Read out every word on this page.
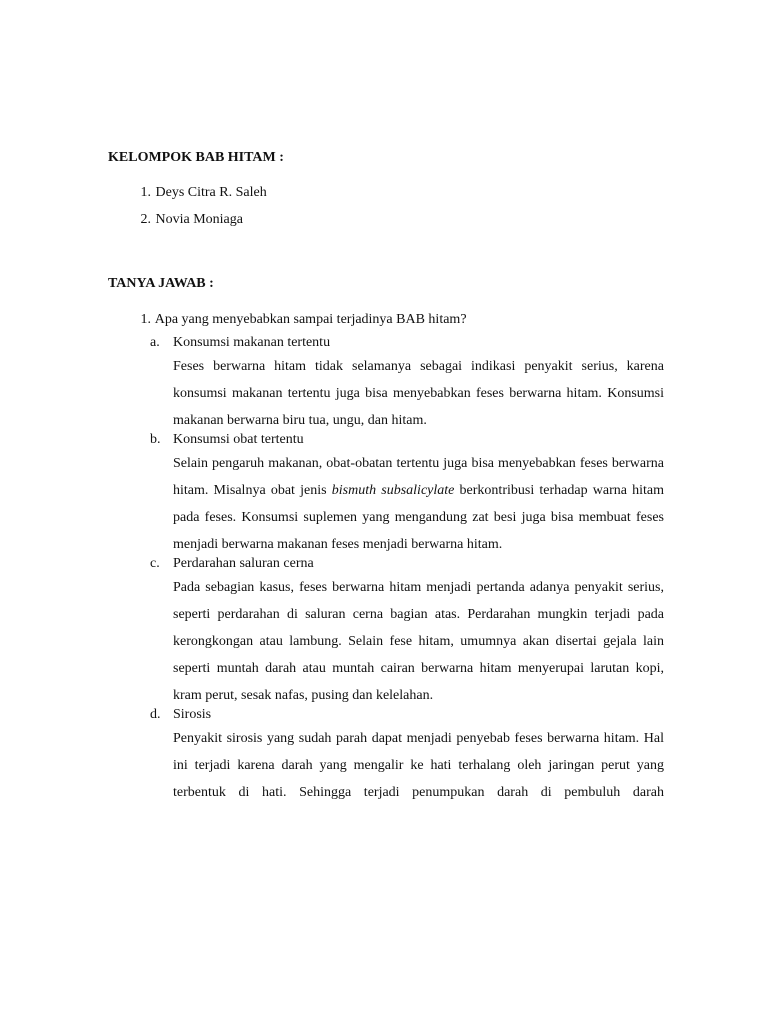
KELOMPOK BAB HITAM :
1. Deys Citra R. Saleh
2. Novia Moniaga
TANYA JAWAB :
1. Apa yang menyebabkan sampai terjadinya BAB hitam?
a. Konsumsi makanan tertentu

Feses berwarna hitam tidak selamanya sebagai indikasi penyakit serius, karena konsumsi makanan tertentu juga bisa menyebabkan feses berwarna hitam. Konsumsi makanan berwarna biru tua, ungu, dan hitam.

b. Konsumsi obat tertentu

Selain pengaruh makanan, obat-obatan tertentu juga bisa menyebabkan feses berwarna hitam. Misalnya obat jenis bismuth subsalicylate berkontribusi terhadap warna hitam pada feses. Konsumsi suplemen yang mengandung zat besi juga bisa membuat feses menjadi berwarna makanan feses menjadi berwarna hitam.

c. Perdarahan saluran cerna

Pada sebagian kasus, feses berwarna hitam menjadi pertanda adanya penyakit serius, seperti perdarahan di saluran cerna bagian atas. Perdarahan mungkin terjadi pada kerongkongan atau lambung. Selain fese hitam, umumnya akan disertai gejala lain seperti muntah darah atau muntah cairan berwarna hitam menyerupai larutan kopi, kram perut, sesak nafas, pusing dan kelelahan.

d. Sirosis

Penyakit sirosis yang sudah parah dapat menjadi penyebab feses berwarna hitam. Hal ini terjadi karena darah yang mengalir ke hati terhalang oleh jaringan perut yang terbentuk di hati. Sehingga terjadi penumpukan darah di pembuluh darah
